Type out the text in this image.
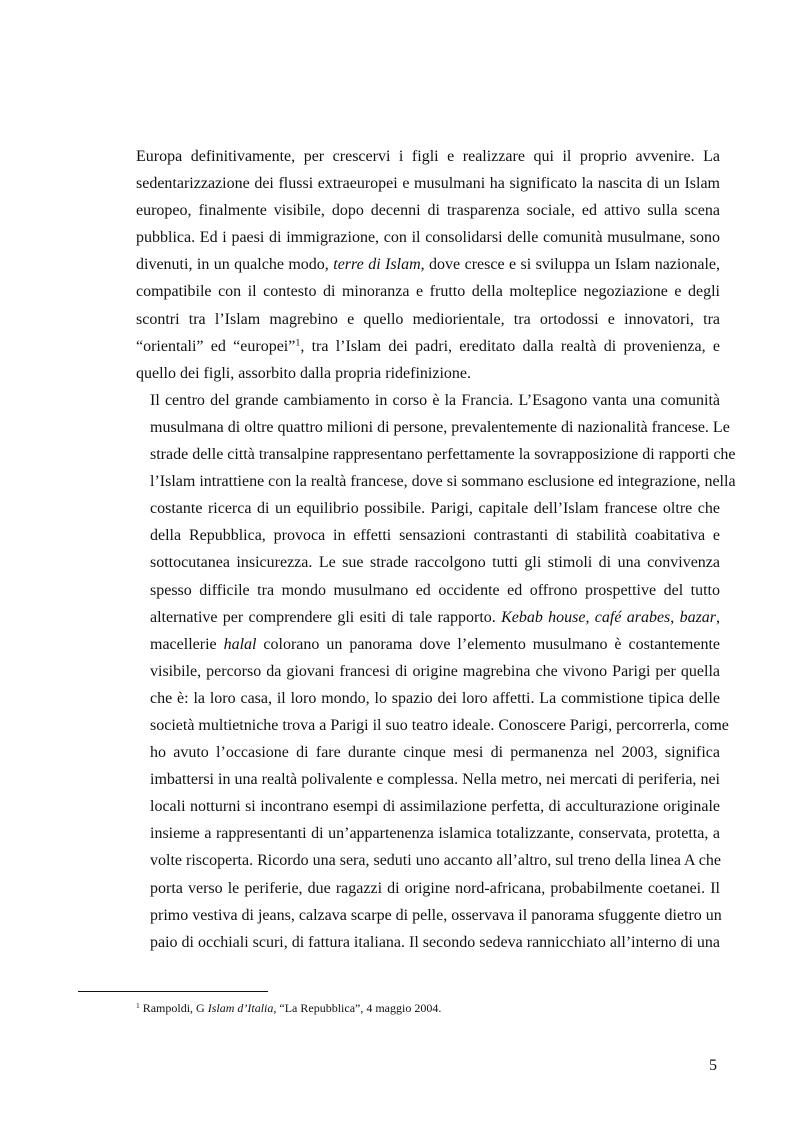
Europa definitivamente, per crescervi i figli e realizzare qui il proprio avvenire. La
sedentarizzazione dei flussi extraeuropei e musulmani ha significato la nascita di un Islam
europeo, finalmente visibile, dopo decenni di trasparenza sociale, ed attivo sulla scena
pubblica. Ed i paesi di immigrazione, con il consolidarsi delle comunità musulmane, sono
divenuti, in un qualche modo, terre di Islam, dove cresce e si sviluppa un Islam nazionale,
compatibile con il contesto di minoranza e frutto della molteplice negoziazione e degli
scontri tra l’Islam magrebino e quello mediorientale, tra ortodossi e innovatori, tra
“orientali” ed “europei”$^1$, tra l’Islam dei padri, ereditato dalla realtà di provenienza, e
quello dei figli, assorbito dalla propria ridefinizione.
Il centro del grande cambiamento in corso è la Francia. L’Esagono vanta una comunità
musulmana di oltre quattro milioni di persone, prevalentemente di nazionalità francese. Le
strade delle città transalpine rappresentano perfettamente la sovrapposizione di rapporti che
l’Islam intrattiene con la realtà francese, dove si sommano esclusione ed integrazione, nella
costante ricerca di un equilibrio possibile. Parigi, capitale dell’Islam francese oltre che
della Repubblica, provoca in effetti sensazioni contrastanti di stabilità coabitativa e
sottocutanea insicurezza. Le sue strade raccolgono tutti gli stimoli di una convivenza
spesso difficile tra mondo musulmano ed occidente ed offrono prospettive del tutto
alternative per comprendere gli esiti di tale rapporto. Kebab house, café arabes, bazar,
macellerie halal colorano un panorama dove l’elemento musulmano è costantemente
visibile, percorso da giovani francesi di origine magrebina che vivono Parigi per quella
che è: la loro casa, il loro mondo, lo spazio dei loro affetti. La commistione tipica delle
società multietniche trova a Parigi il suo teatro ideale. Conoscere Parigi, percorrerla, come
ho avuto l’occasione di fare durante cinque mesi di permanenza nel 2003, significa
imbattersi in una realtà polivalente e complessa. Nella metro, nei mercati di periferia, nei
locali notturni si incontrano esempi di assimilazione perfetta, di acculturazione originale
insieme a rappresentanti di un’appartenenza islamica totalizzante, conservata, protetta, a
volte riscoperta. Ricordo una sera, seduti uno accanto all’altro, sul treno della linea A che
porta verso le periferie, due ragazzi di origine nord-africana, probabilmente coetanei. Il
primo vestiva di jeans, calzava scarpe di pelle, osservava il panorama sfuggente dietro un
paio di occhiali scuri, di fattura italiana. Il secondo sedeva rannicchiato all’interno di una
$^1$ Rampoldi, G Islam d’Italia, “La Repubblica”, 4 maggio 2004.
5
